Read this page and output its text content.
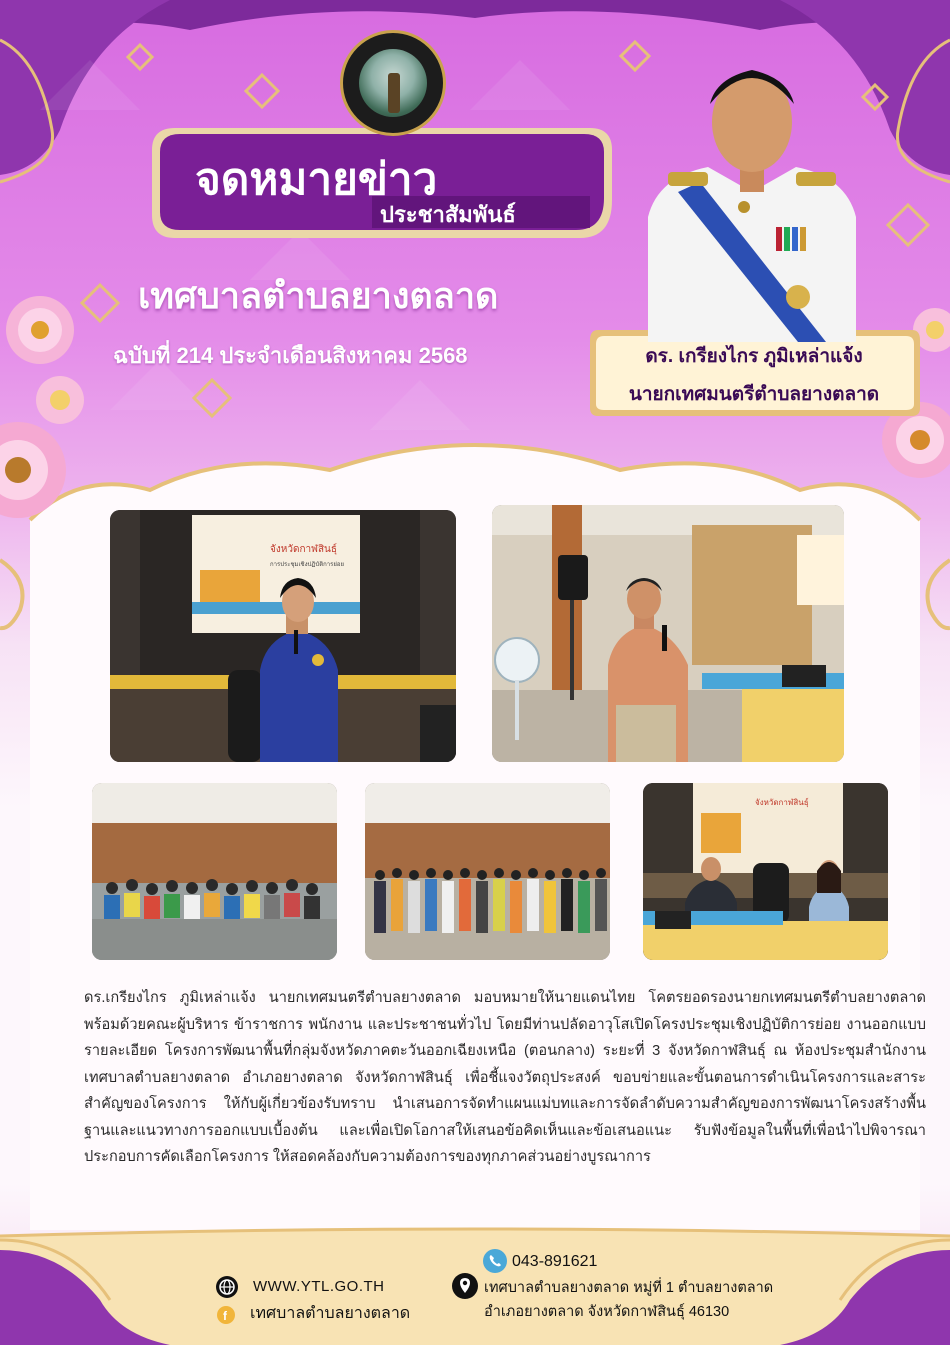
จดหมายข่าว
ประชาสัมพันธ์
เทศบาลตำบลยางตลาด
ฉบับที่ 214 ประจำเดือนสิงหาคม 2568	ดร. เกรียงไกร ภูมิเหล่าแจ้ง
นายกเทศมนตรีตำบลยางตลาด
จังหวัดกาฬสินธุ์
การประชุมเชิงปฏิบัติการย่อย
จังหวัดกาฬสินธุ์
ดร.เกรียงไกร ภูมิเหล่าแจ้ง นายกเทศมนตรีตำบลยางตลาด มอบหมายให้นายแดนไทย โคตรยอดรองนายกเทศมนตรีตำบลยางตลาด พร้อมด้วยคณะผู้บริหาร ข้าราชการ พนักงาน และประชาชนทั่วไป โดยมีท่านปลัดอาวุโสเปิดโครงประชุมเชิงปฏิบัติการย่อย งานออกแบบรายละเอียด โครงการพัฒนาพื้นที่กลุ่มจังหวัดภาคตะวันออกเฉียงเหนือ (ตอนกลาง) ระยะที่ 3 จังหวัดกาฬสินธุ์ ณ ห้องประชุมสำนักงานเทศบาลตำบลยางตลาด อำเภอยางตลาด จังหวัดกาฬสินธุ์ เพื่อชี้แจงวัตถุประสงค์ ขอบข่ายและขั้นตอนการดำเนินโครงการและสาระสำคัญของโครงการ ให้กับผู้เกี่ยวข้องรับทราบ นำเสนอการจัดทำแผนแม่บทและการจัดลำดับความสำคัญของการพัฒนาโครงสร้างพื้นฐานและแนวทางการออกแบบเบื้องต้น และเพื่อเปิดโอกาสให้เสนอข้อคิดเห็นและข้อเสนอแนะ รับฟังข้อมูลในพื้นที่เพื่อนำไปพิจารณาประกอบการคัดเลือกโครงการ ให้สอดคล้องกับความต้องการของทุกภาคส่วนอย่างบูรณาการ
WWW.YTL.GO.TH
f เทศบาลตำบลยางตลาด
043-891621
เทศบาลตำบลยางตลาด หมู่ที่ 1 ตำบลยางตลาด
อำเภอยางตลาด จังหวัดกาฬสินธุ์ 46130
